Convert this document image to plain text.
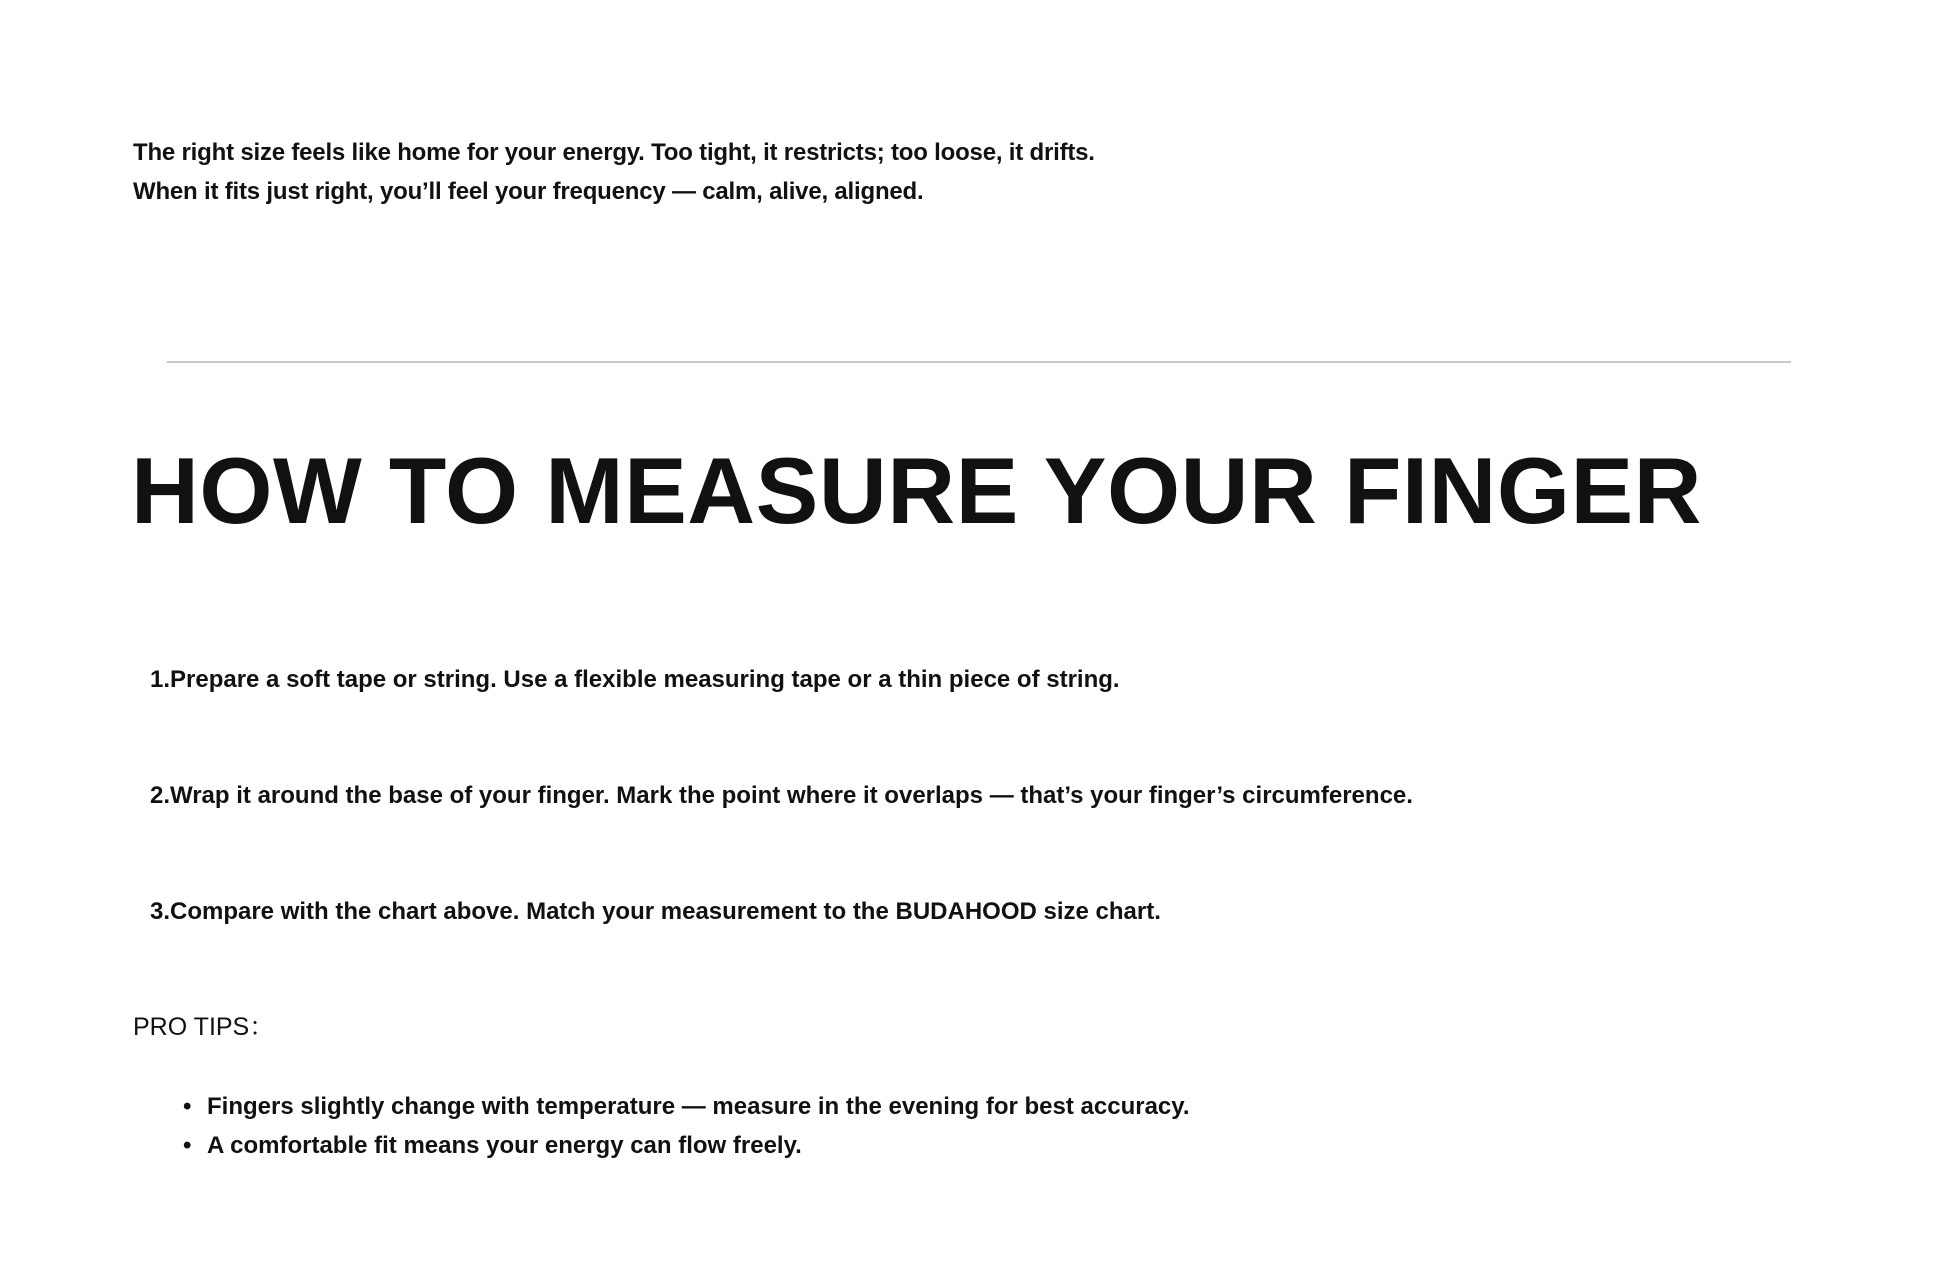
The right size feels like home for your energy. Too tight, it restricts; too loose, it drifts.

When it fits just right, you’ll feel your frequency — calm, alive, aligned.

HOW TO MEASURE YOUR FINGER
1. Prepare a soft tape or string. Use a flexible measuring tape or a thin piece of string.
2. Wrap it around the base of your finger. Mark the point where it overlaps — that’s your finger’s circumference.
3. Compare with the chart above. Match your measurement to the BUDAHOOD size chart.

PRO TIPS：

• Fingers slightly change with temperature — measure in the evening for best accuracy.
• A comfortable fit means your energy can flow freely.
